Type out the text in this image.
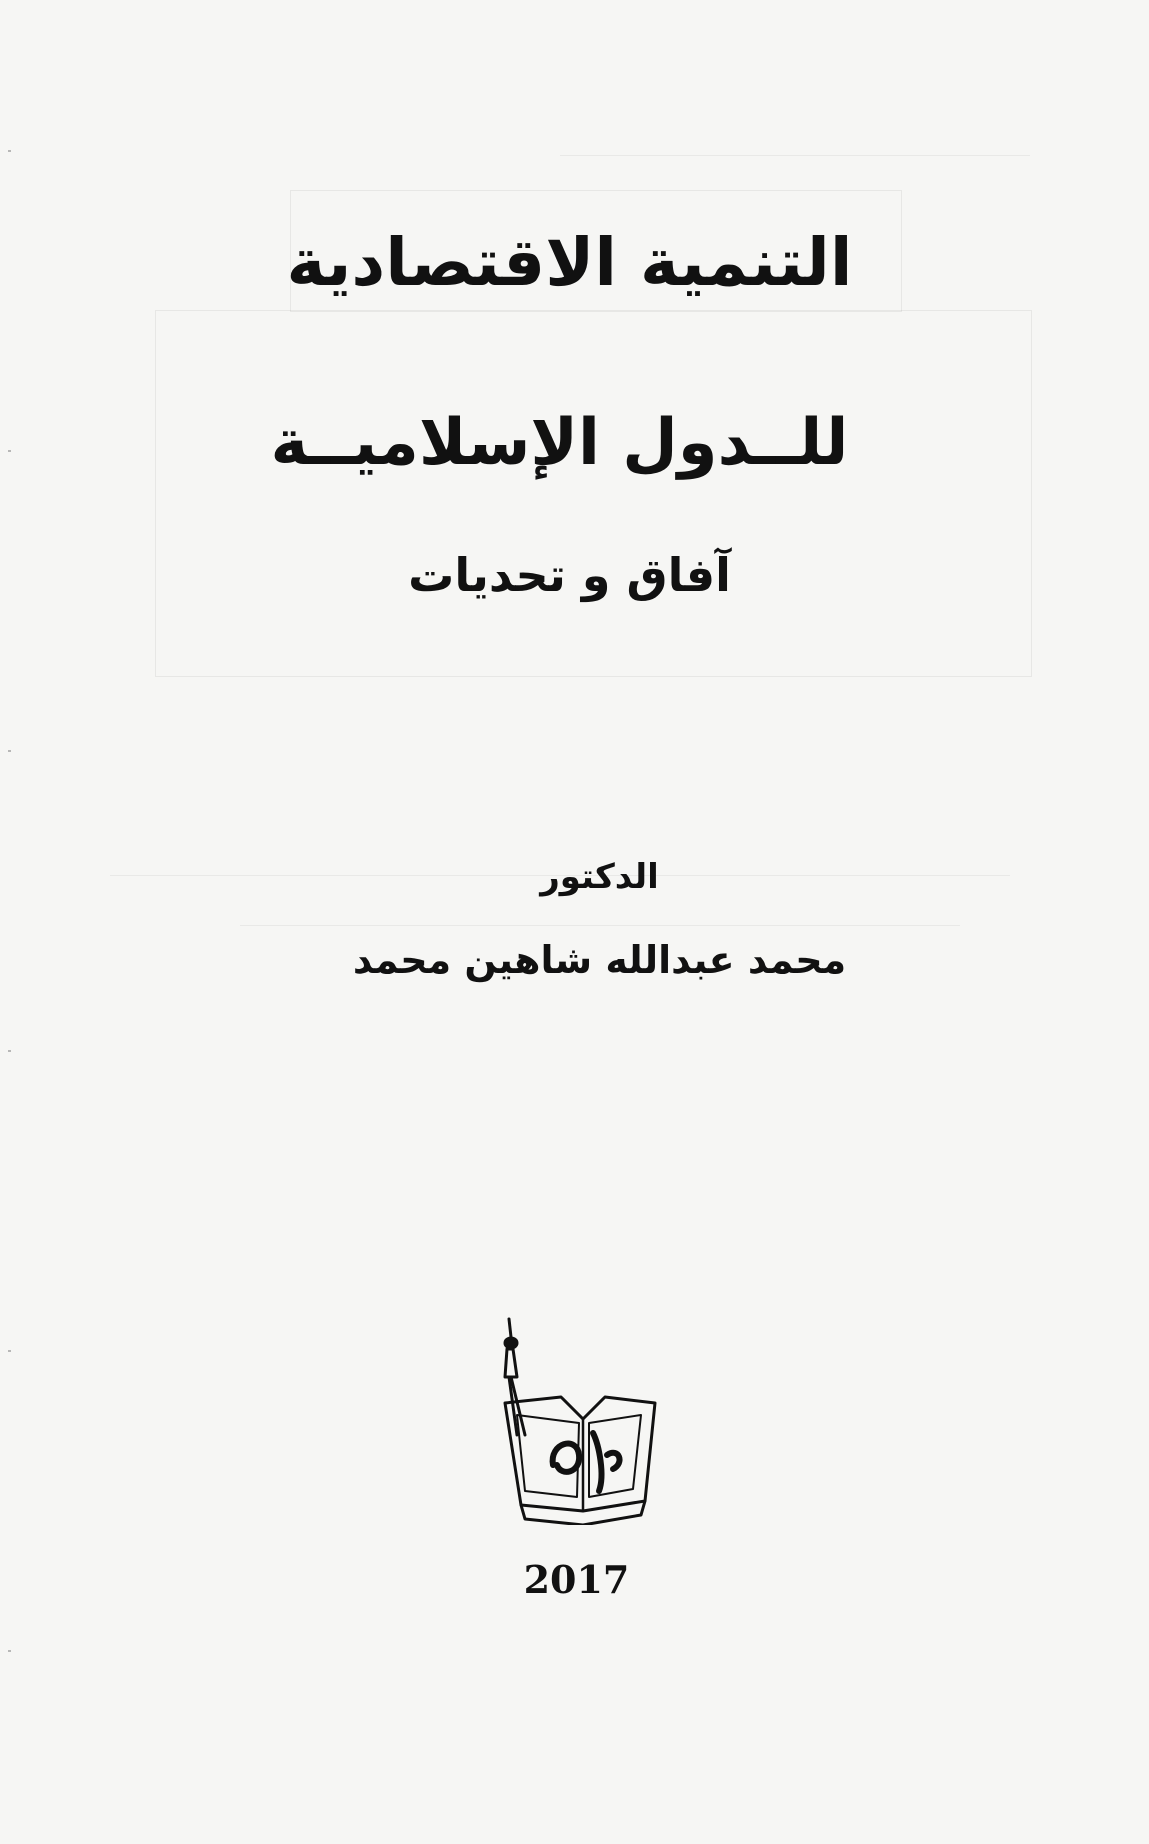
التنمية الاقتصادية
للــدول الإسلاميــة
آفاق و تحديات
الدكتور
محمد عبدالله شاهين محمد
2017
